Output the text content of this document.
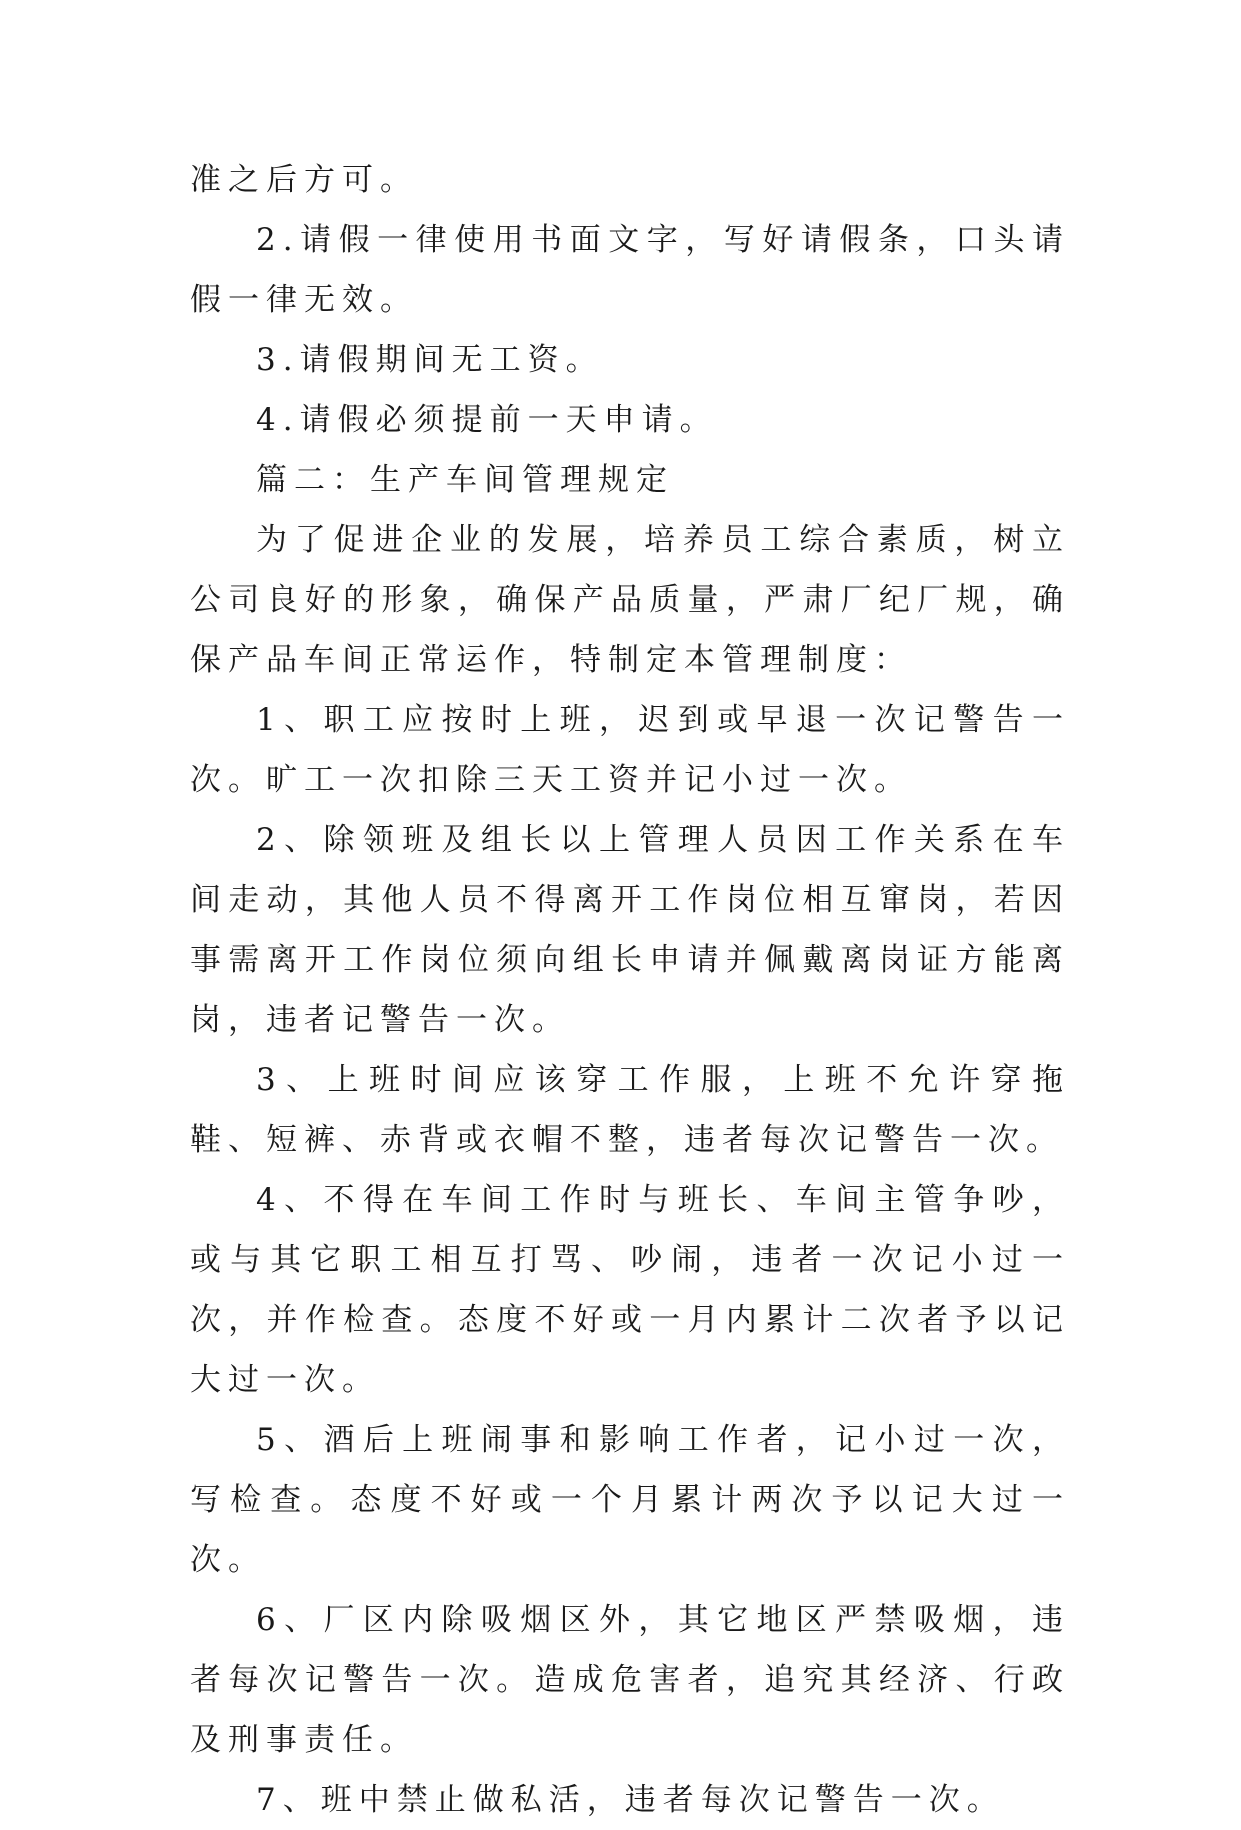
准之后方可。

2.请假一律使用书面文字，写好请假条，口头请假一律无效。

3.请假期间无工资。

4.请假必须提前一天申请。

篇二：生产车间管理规定

为了促进企业的发展，培养员工综合素质，树立公司良好的形象，确保产品质量，严肃厂纪厂规，确保产品车间正常运作，特制定本管理制度：

1、职工应按时上班，迟到或早退一次记警告一次。旷工一次扣除三天工资并记小过一次。

2、除领班及组长以上管理人员因工作关系在车间走动，其他人员不得离开工作岗位相互窜岗，若因事需离开工作岗位须向组长申请并佩戴离岗证方能离岗，违者记警告一次。

3、上班时间应该穿工作服，上班不允许穿拖鞋、短裤、赤背或衣帽不整，违者每次记警告一次。

4、不得在车间工作时与班长、车间主管争吵，或与其它职工相互打骂、吵闹，违者一次记小过一次，并作检查。态度不好或一月内累计二次者予以记大过一次。

5、酒后上班闹事和影响工作者，记小过一次，写检查。态度不好或一个月累计两次予以记大过一次。

6、厂区内除吸烟区外，其它地区严禁吸烟，违者每次记警告一次。造成危害者，追究其经济、行政及刑事责任。

7、班中禁止做私活，违者每次记警告一次。
